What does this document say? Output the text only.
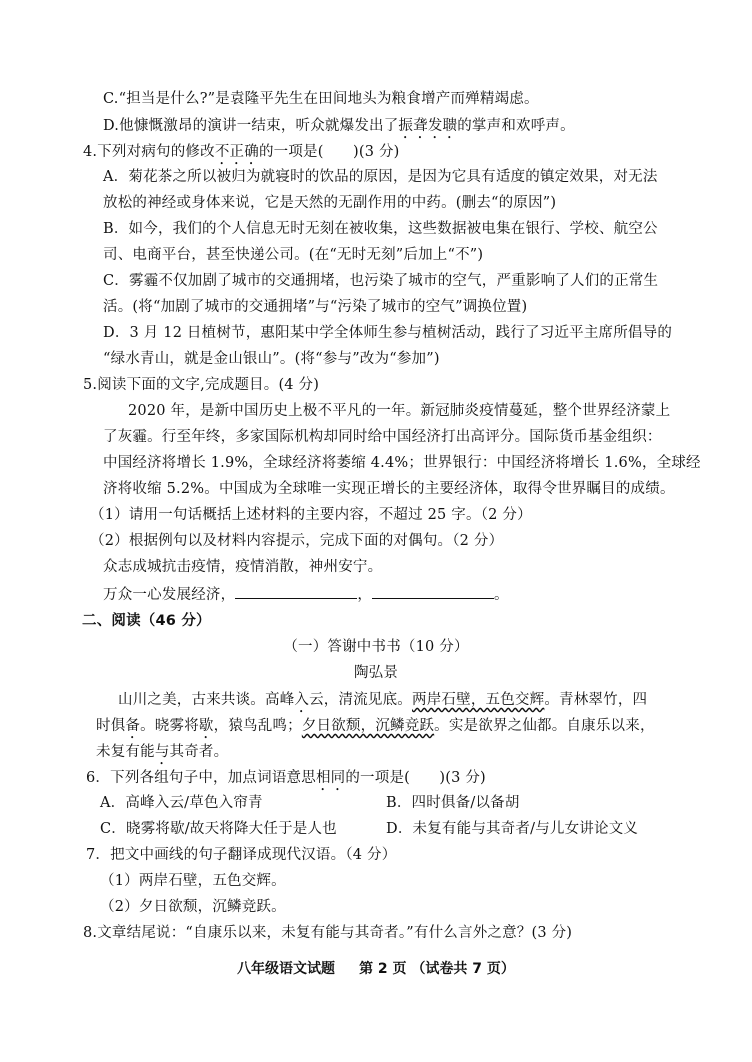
C.“担当是什么?”是袁隆平先生在田间地头为粮食增产而殚精竭虑。
D.他慷慨激昂的演讲一结束，听众就爆发出了振聋发聩的掌声和欢呼声。
4.下列对病句的修改不正确的一项是(　　)(3 分)
A．菊花茶之所以被归为就寝时的饮品的原因，是因为它具有适度的镇定效果，对无法
放松的神经或身体来说，它是天然的无副作用的中药。(删去“的原因”)
B．如今，我们的个人信息无时无刻在被收集，这些数据被电集在银行、学校、航空公
司、电商平台，甚至快递公司。(在“无时无刻”后加上“不”)
C．雾霾不仅加剧了城市的交通拥堵，也污染了城市的空气，严重影响了人们的正常生
活。(将“加剧了城市的交通拥堵”与“污染了城市的空气”调换位置)
D．3 月 12 日植树节，惠阳某中学全体师生参与植树活动，践行了习近平主席所倡导的
“绿水青山，就是金山银山”。(将“参与”改为“参加”)
5.阅读下面的文字,完成题目。(4 分)
2020 年，是新中国历史上极不平凡的一年。新冠肺炎疫情蔓延，整个世界经济蒙上
了灰霾。行至年终，多家国际机构却同时给中国经济打出高评分。国际货币基金组织：
中国经济将增长 1.9%，全球经济将萎缩 4.4%；世界银行：中国经济将增长 1.6%，全球经
济将收缩 5.2%。中国成为全球唯一实现正增长的主要经济体，取得令世界瞩目的成绩。
（1）请用一句话概括上述材料的主要内容，不超过 25 字。（2 分）
（2）根据例句以及材料内容提示，完成下面的对偶句。（2 分）
众志成城抗击疫情，疫情消散，神州安宁。
万众一心发展经济，	，	。
二、阅读（46 分）
（一）答谢中书书（10 分）
陶弘景
山川之美，古来共谈。高峰入云，清流见底。两岸石壁，五色交辉。青林翠竹，四
时俱备。晓雾将歇，猿鸟乱鸣；夕日欲颓，沉鳞竞跃。实是欲界之仙都。自康乐以来，
未复有能与其奇者。
6．下列各组句子中，加点词语意思相同的一项是(　　)(3 分)
A．高峰入云/草色入帘青	B．四时俱备/以备胡
C．晓雾将歇/故天将降大任于是人也	D．未复有能与其奇者/与儿女讲论文义
7．把文中画线的句子翻译成现代汉语。（4 分）
（1）两岸石壁，五色交辉。
（2）夕日欲颓，沉鳞竞跃。
8.文章结尾说：“自康乐以来，未复有能与其奇者。”有什么言外之意？(3 分)
八年级语文试题 第 2 页 （试卷共 7 页）
